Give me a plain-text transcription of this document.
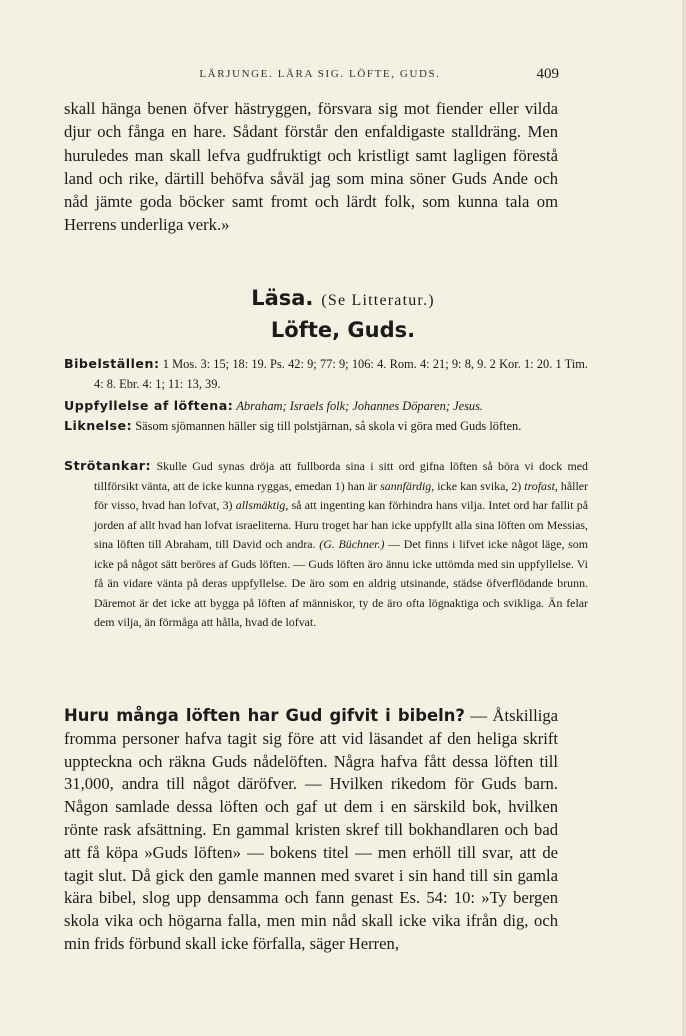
LÄRJUNGE. LÄRA SIG. LÖFTE, GUDS.	409

skall hänga benen öfver hästryggen, försvara sig mot fiender eller vilda djur och fånga en hare. Sådant förstår den enfaldigaste stalldräng. Men huruledes man skall lefva gudfruktigt och kristligt samt lagligen förestå land och rike, därtill behöfva såväl jag som mina söner Guds Ande och nåd jämte goda böcker samt fromt och lärdt folk, som kunna tala om Herrens underliga verk.»

Läsa. (Se Litteratur.)
Löfte, Guds.

Bibelställen: 1 Mos. 3: 15; 18: 19. Ps. 42: 9; 77: 9; 106: 4. Rom. 4: 21; 9: 8, 9. 2 Kor. 1: 20. 1 Tim. 4: 8. Ebr. 4: 1; 11: 13, 39.

Uppfyllelse af löftena: Abraham; Israels folk; Johannes Döparen; Jesus.

Liknelse: Säsom sjömannen häller sig till polstjärnan, så skola vi göra med Guds löften.

Strötankar: Skulle Gud synas dröja att fullborda sina i sitt ord gifna löften så böra vi dock med tillförsikt vänta, att de icke kunna ryggas, emedan 1) han är sannfärdig, icke kan svika, 2) trofast, håller för visso, hvad han lofvat, 3) allsmäktig, så att ingenting kan förhindra hans vilja. Intet ord har fallit på jorden af allt hvad han lofvat israeliterna. Huru troget har han icke uppfyllt alla sina löften om Messias, sina löften till Abraham, till David och andra. (G. Büchner.) — Det finns i lifvet icke något läge, som icke på något sätt beröres af Guds löften. — Guds löften äro ännu icke uttömda med sin uppfyllelse. Vi få än vidare vänta på deras uppfyllelse. De äro som en aldrig utsinande, städse öfverflödande brunn. Däremot är det icke att bygga på löften af människor, ty de äro ofta lögnaktiga och svikliga. Än felar dem vilja, än förmåga att hålla, hvad de lofvat.

Huru många löften har Gud gifvit i bibeln? — Åtskilliga fromma personer hafva tagit sig före att vid läsandet af den heliga skrift uppteckna och räkna Guds nådelöften. Några hafva fått dessa löften till 31,000, andra till något däröfver. — Hvilken rikedom för Guds barn. Någon samlade dessa löften och gaf ut dem i en särskild bok, hvilken rönte rask afsättning. En gammal kristen skref till bokhandlaren och bad att få köpa »Guds löften» — bokens titel — men erhöll till svar, att de tagit slut. Då gick den gamle mannen med svaret i sin hand till sin gamla kära bibel, slog upp densamma och fann genast Es. 54: 10: »Ty bergen skola vika och högarna falla, men min nåd skall icke vika ifrån dig, och min frids förbund skall icke förfalla, säger Herren,
